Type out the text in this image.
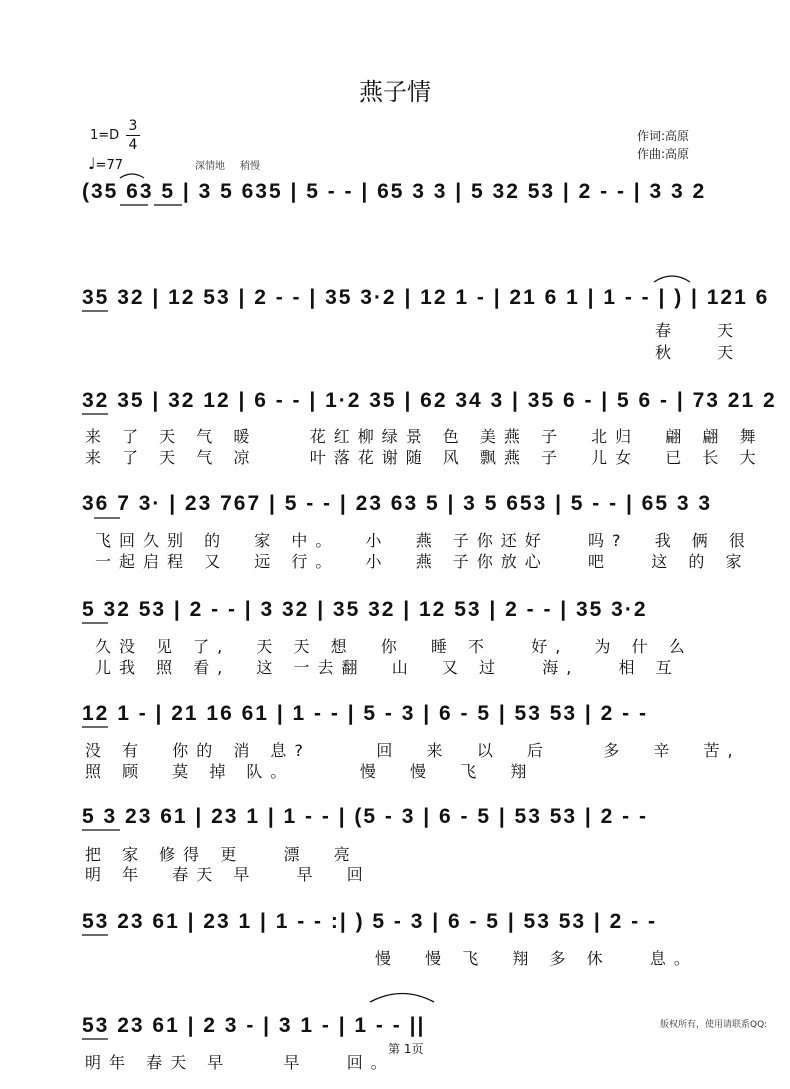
燕子情
1=D
3
4
♩=77	深情地 稍慢
作词:高原
作曲:高原
(35 63 5 | 3 5 635 | 5 - - | 65 3 3 | 5 32 53 | 2 - - | 3 3 2
35 32 | 12 53 | 2 - - | 35 3·2 | 12 1 - | 21 6 1 | 1 - - | ) | 121 6
春  天
秋  天
32 35 | 32 12 | 6 - - | 1·2 35 | 62 34 3 | 35 6 - | 5 6 - | 73 21 2
来 了 天 气 暖    花红柳绿景 色 美燕 子  北归  翩 翩 舞
来 了 天 气 凉    叶落花谢随 风 飘燕 子  儿女  已 长 大
36 7 3· | 23 767 | 5 - - | 23 63 5 | 3 5 653 | 5 - - | 65 3 3
飞回久别 的  家 中。  小  燕 子你还好   吗?  我 俩 很
一起启程 又  远 行。  小  燕 子你放心   吧   这 的 家
5 32 53 | 2 - - | 3 32 | 35 32 | 12 53 | 2 - - | 35 3·2
久没 见 了,  天 天 想  你  睡 不   好,  为 什 么
儿我 照 看,  这 一去翻  山  又 过   海,   相 互
12 1 - | 21 16 61 | 1 - - | 5 - 3 | 6 - 5 | 53 53 | 2 - -
没 有  你的 消 息?     回  来  以  后    多  辛  苦,
照 顾  莫 掉 队。     慢  慢  飞  翔
5 3 23 61 | 23 1 | 1 - - | (5 - 3 | 6 - 5 | 53 53 | 2 - -
把 家 修得 更   漂  亮
明 年  春天 早   早  回
53 23 61 | 23 1 | 1 - - :| ) 5 - 3 | 6 - 5 | 53 53 | 2 - -
慢  慢 飞  翔 多 休   息。
53 23 61 | 2 3 - | 3 1 - | 1 - - ||
明年 春天 早    早   回。
版权所有，使用请联系QQ:
第 1页
